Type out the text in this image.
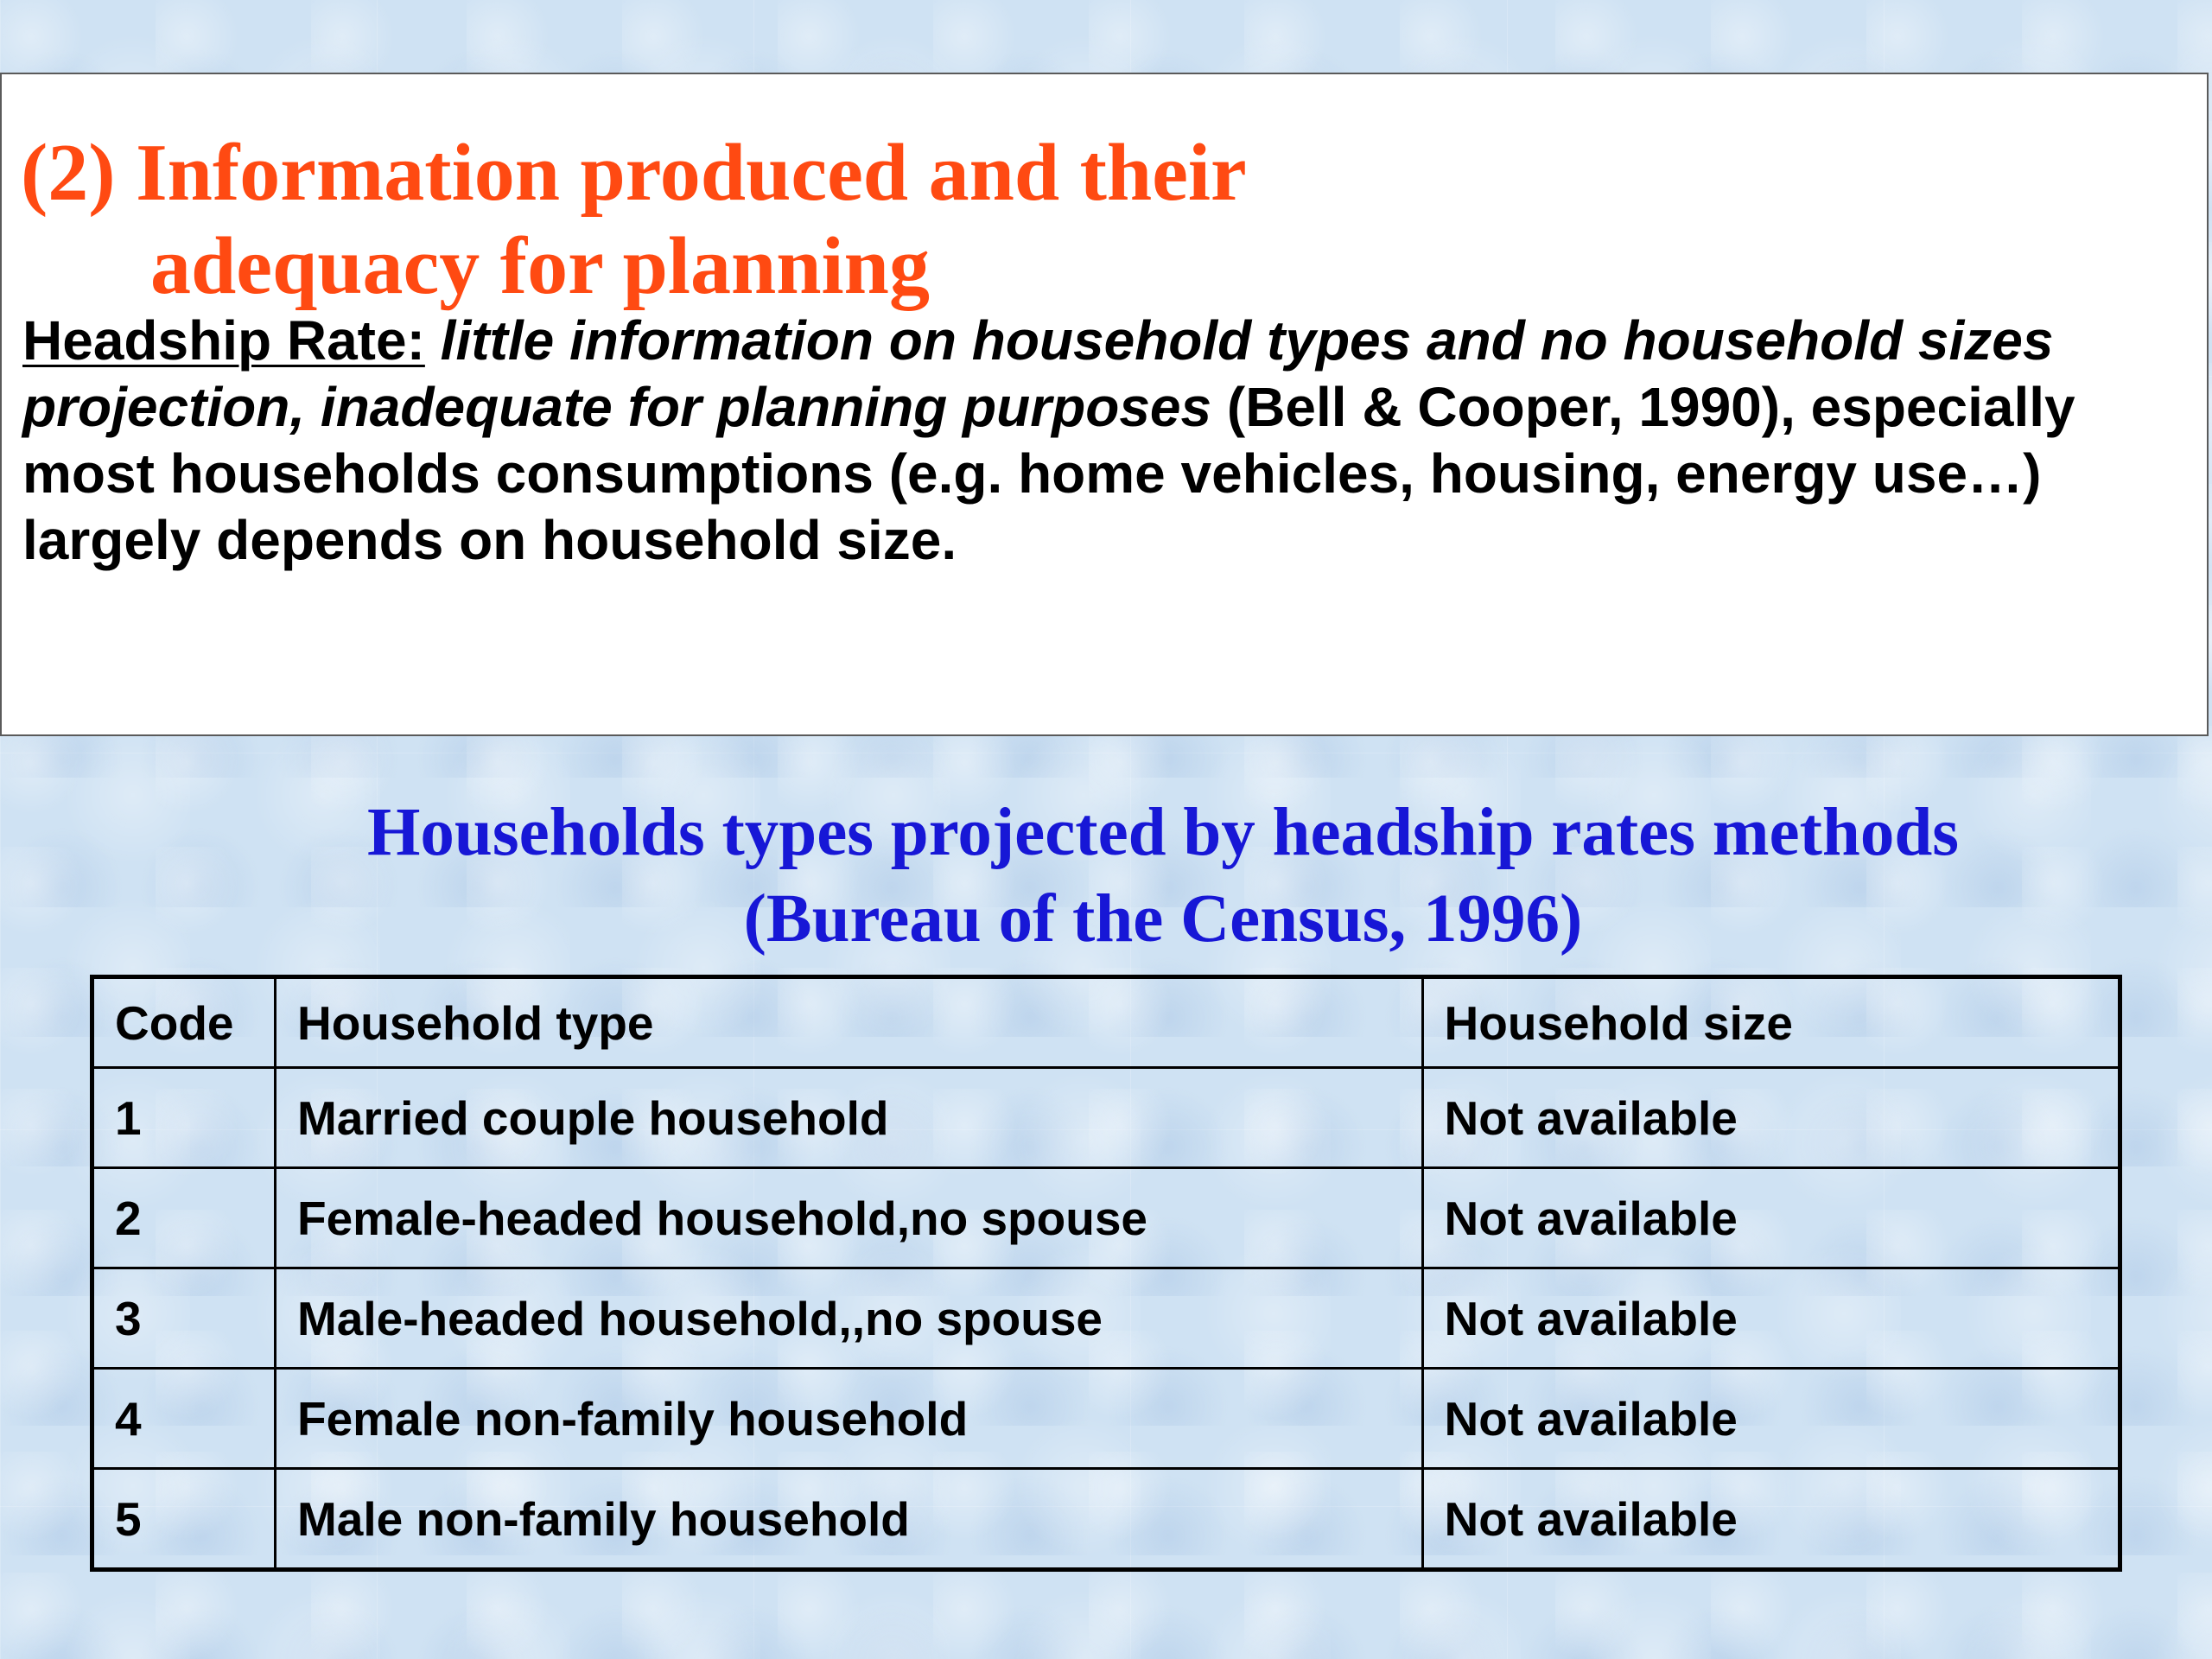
(2) Information produced and their
adequacy for planning
Headship Rate: little information on household types and no household sizes projection, inadequate for planning purposes (Bell & Cooper, 1990), especially most households consumptions (e.g. home vehicles, housing, energy use…) largely depends on household size.
Households types projected by headship rates methods
(Bureau of the Census, 1996)
Code	Household type	Household size
1	Married couple household	Not available
2	Female-headed household,no spouse	Not available
3	Male-headed household,,no spouse	Not available
4	Female non-family household	Not available
5	Male non-family household	Not available
